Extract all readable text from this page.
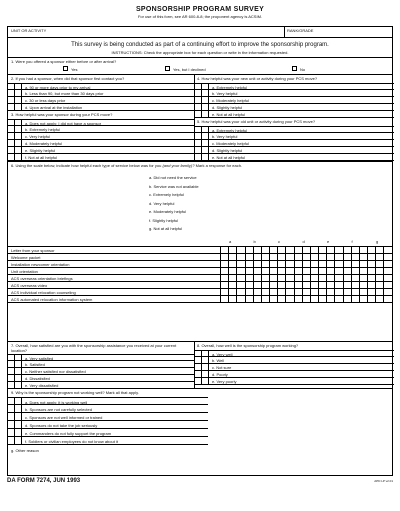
SPONSORSHIP PROGRAM SURVEY
For use of this form, see AR 600-8-8; the proponent agency is ACSIM.
UNIT OR ACTIVITY	RANK/GRADE
This survey is being conducted as part of a continuing effort to improve the sponsorship program.
INSTRUCTIONS: Check the appropriate box for each question or write in the information requested.
1. Were you offered a sponsor either before or after arrival?
Yes	Yes, but I declined	No
2. If you had a sponsor, when did that sponsor first contact you?	4. How helpful was your new unit or activity during your PCS move?
a. 90 or more days prior to my arrival
b. Less than 90, but more than 30 days prior
c. 30 or less days prior
d. Upon arrival at the installation
a. Extremely helpful
b. Very helpful
c. Moderately helpful
d. Slightly helpful
e. Not at all helpful
3. How helpful was your sponsor during your PCS move?
5. How helpful was your old unit or activity during your PCS move?
a. Does not apply; I did not have a sponsor
b. Extremely helpful
c. Very helpful
d. Moderately helpful
e. Slightly helpful
f. Not at all helpful
a. Extremely helpful
b. Very helpful
c. Moderately helpful
d. Slightly helpful
e. Not at all helpful
6. Using the scale below, indicate how helpful each type of service below was for you (and your family)? Mark a response for each.
a. Did not need the service
b. Service was not available
c. Extremely helpful
d. Very helpful
e. Moderately helpful
f. Slightly helpful
g. Not at all helpful
a	b	c	d	e	f	g
Letter from your sponsor
Welcome packet
Installation newcomer orientation
Unit orientation
ACS overseas orientation briefings
ACS overseas video
ACS individual relocation counseling
ACS automated relocation information system
7. Overall, how satisfied are you with the sponsorship assistance you received at your current location?
8. Overall, how well is the sponsorship program working?
a. Very satisfied
b. Satisfied
c. Neither satisfied nor dissatisfied
d. Dissatisfied
e. Very dissatisfied
a. Very well
b. Well
c. Not sure
d. Poorly
e. Very poorly
9. Why is the sponsorship program not working well? Mark all that apply.
a. Does not apply; it is working well
b. Sponsors are not carefully selected
c. Sponsors are not well informed or trained
d. Sponsors do not take the job seriously
e. Commanders do not fully support the program
f. Soldiers or civilian employees do not know about it
g. Other reason
DA FORM 7274, JUN 1993	APD LP v2.01
